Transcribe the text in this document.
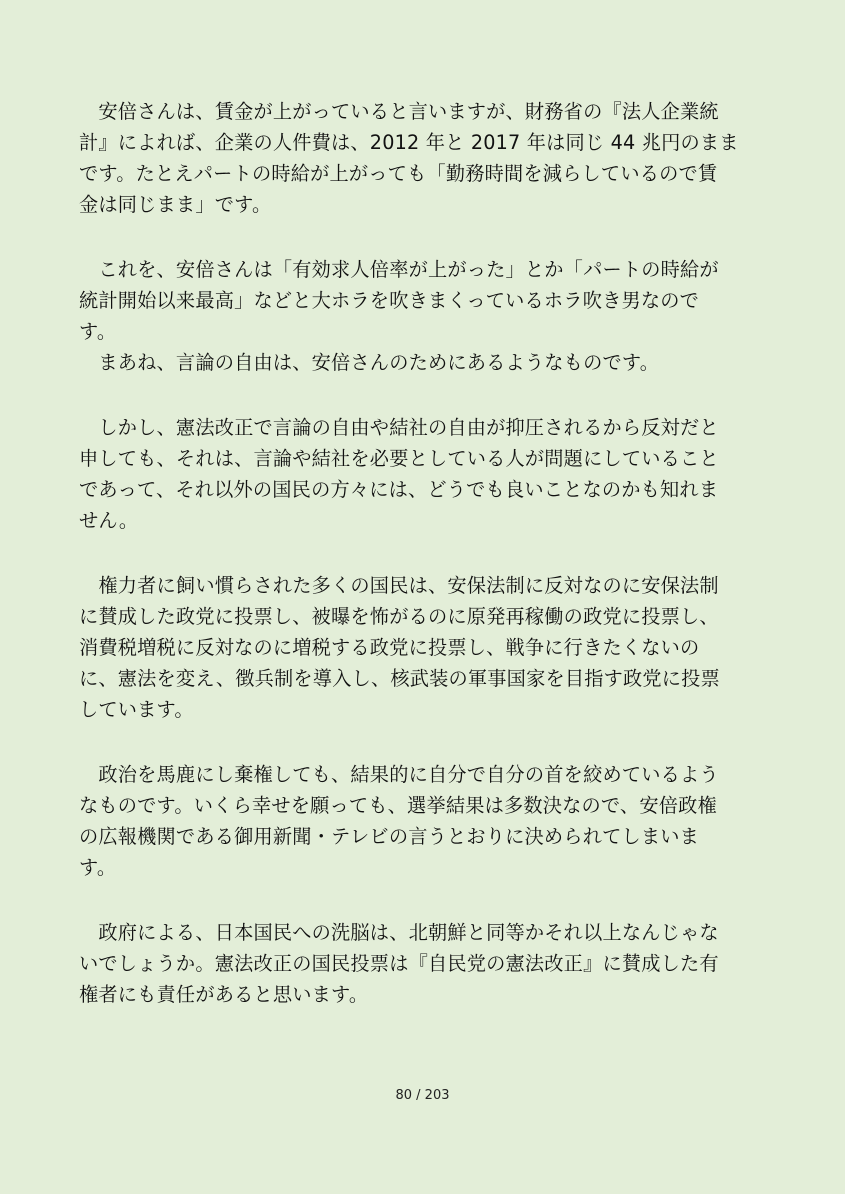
　安倍さんは、賃金が上がっていると言いますが、財務省の『法人企業統
計』によれば、企業の人件費は、2012 年と 2017 年は同じ 44 兆円のまま
です。たとえパートの時給が上がっても「勤務時間を減らしているので賃
金は同じまま」です。
　これを、安倍さんは「有効求人倍率が上がった」とか「パートの時給が
統計開始以来最高」などと大ホラを吹きまくっているホラ吹き男なので
す。
　まあね、言論の自由は、安倍さんのためにあるようなものです。
　しかし、憲法改正で言論の自由や結社の自由が抑圧されるから反対だと
申しても、それは、言論や結社を必要としている人が問題にしていること
であって、それ以外の国民の方々には、どうでも良いことなのかも知れま
せん。
　権力者に飼い慣らされた多くの国民は、安保法制に反対なのに安保法制
に賛成した政党に投票し、被曝を怖がるのに原発再稼働の政党に投票し、
消費税増税に反対なのに増税する政党に投票し、戦争に行きたくないの
に、憲法を変え、徴兵制を導入し、核武装の軍事国家を目指す政党に投票
しています。
　政治を馬鹿にし棄権しても、結果的に自分で自分の首を絞めているよう
なものです。いくら幸せを願っても、選挙結果は多数決なので、安倍政権
の広報機関である御用新聞・テレビの言うとおりに決められてしまいま
す。
　政府による、日本国民への洗脳は、北朝鮮と同等かそれ以上なんじゃな
いでしょうか。憲法改正の国民投票は『自民党の憲法改正』に賛成した有
権者にも責任があると思います。
80 / 203
